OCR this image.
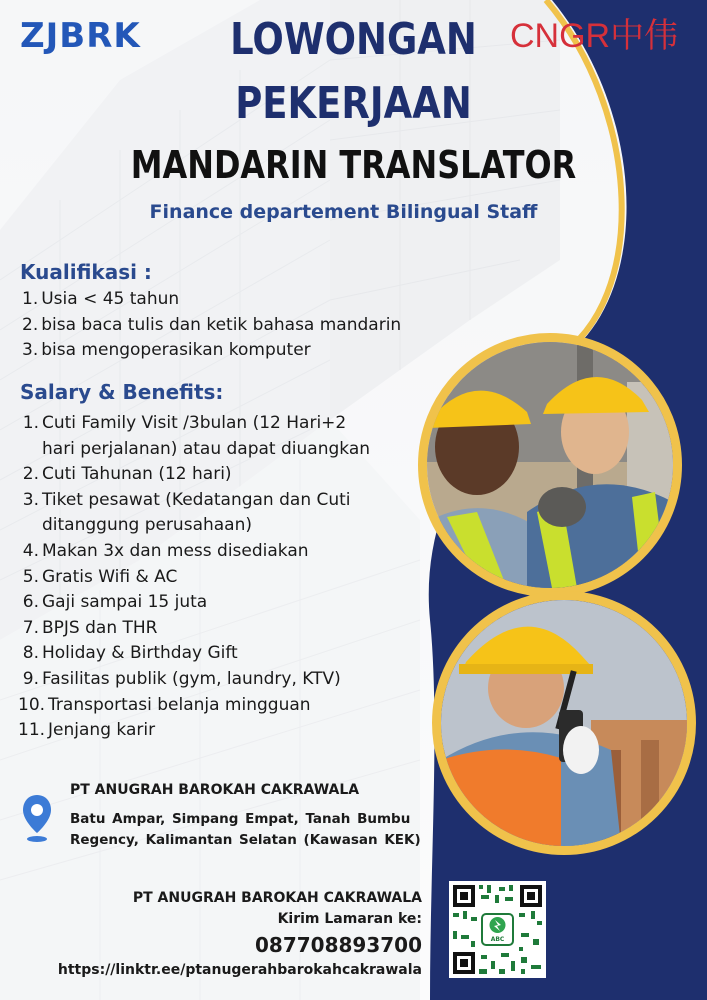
ZJBRK	CNGR中伟
LOWONGAN
PEKERJAAN
MANDARIN TRANSLATOR
Finance departement Bilingual Staff
Kualifikasi :
1. Usia < 45 tahun
2. bisa baca tulis dan ketik bahasa mandarin
3. bisa mengoperasikan komputer
Salary & Benefits:
1. Cuti Family Visit /3bulan (12 Hari+2
hari perjalanan) atau dapat diuangkan
2. Cuti Tahunan (12 hari)
3. Tiket pesawat (Kedatangan dan Cuti
ditanggung perusahaan)
4. Makan 3x dan mess disediakan
5. Gratis Wifi & AC
6. Gaji sampai 15 juta
7. BPJS dan THR
8. Holiday & Birthday Gift
9. Fasilitas publik (gym, laundry, KTV)
10. Transportasi belanja mingguan
11. Jenjang karir
PT ANUGRAH BAROKAH CAKRAWALA
Batu Ampar, Simpang Empat, Tanah Bumbu
Regency, Kalimantan Selatan (Kawasan KEK)
PT ANUGRAH BAROKAH CAKRAWALA
Kirim Lamaran ke:
087708893700
https://linktr.ee/ptanugerahbarokahcakrawala
ABC
